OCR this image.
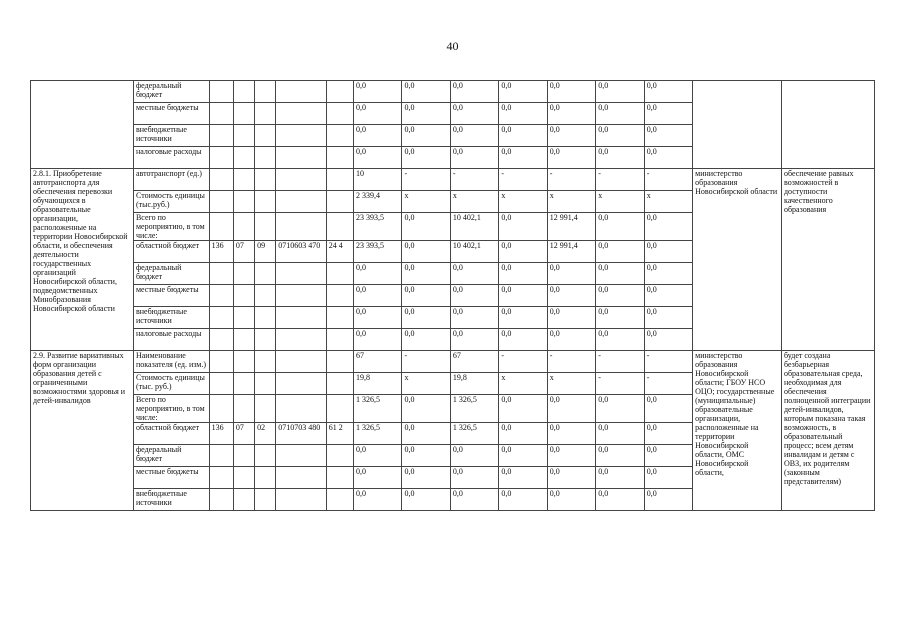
40
	федеральный бюджет						0,0	0,0	0,0	0,0	0,0	0,0	0,0		
	местные бюджеты						0,0	0,0	0,0	0,0	0,0	0,0	0,0		
	внебюджетные источники						0,0	0,0	0,0	0,0	0,0	0,0	0,0		
	налоговые расходы						0,0	0,0	0,0	0,0	0,0	0,0	0,0		
2.8.1. Приобретение автотранспорта для обеспечения перевозки обучающихся в образовательные организации, расположенные на территории Новосибирской области, и обеспечения деятельности государственных организаций Новосибирской области, подведомственных Минобразования Новосибирской области	автотранспорт (ед.)						10	-	-	-	-	-	-	министерство образования Новосибирской области	обеспечение равных возможностей в доступности качественного образования
	Стоимость единицы (тыс.руб.)						2 339,4	x	x	x	x	x	x		
	Всего по мероприятию, в том числе:						23 393,5	0,0	10 402,1	0,0	12 991,4	0,0	0,0		
	областной бюджет	136	07	09	0710603 470	24 4	23 393,5	0,0	10 402,1	0,0	12 991,4	0,0	0,0		
	федеральный бюджет						0,0	0,0	0,0	0,0	0,0	0,0	0,0		
	местные бюджеты						0,0	0,0	0,0	0,0	0,0	0,0	0,0		
	внебюджетные источники						0,0	0,0	0,0	0,0	0,0	0,0	0,0		
	налоговые расходы						0,0	0,0	0,0	0,0	0,0	0,0	0,0		
2.9. Развитие вариативных форм организации образования детей с ограниченными возможностями здоровья и детей-инвалидов	Наименование показателя (ед. изм.)						67	-	67	-	-	-	-	министерство образования Новосибирской области; ГБОУ НСО ОЦО; государственные (муниципальные) образовательные организации, расположенные на территории Новосибирской области, ОМС Новосибирской области,	будет создана безбарьерная образовательная среда, необходимая для обеспечения полноценной интеграции детей-инвалидов, которым показана такая возможность, в образовательный процесс; всем детям инвалидам и детям с ОВЗ, их родителям (законным представителям)
	Стоимость единицы (тыс. руб.)						19,8	x	19,8	x	x	-	-		
	Всего по мероприятию, в том числе:						1 326,5	0,0	1 326,5	0,0	0,0	0,0	0,0		
	областной бюджет	136	07	02	0710703 480	61 2	1 326,5	0,0	1 326,5	0,0	0,0	0,0	0,0		
	федеральный бюджет						0,0	0,0	0,0	0,0	0,0	0,0	0,0		
	местные бюджеты						0,0	0,0	0,0	0,0	0,0	0,0	0,0		
	внебюджетные источники						0,0	0,0	0,0	0,0	0,0	0,0	0,0		
